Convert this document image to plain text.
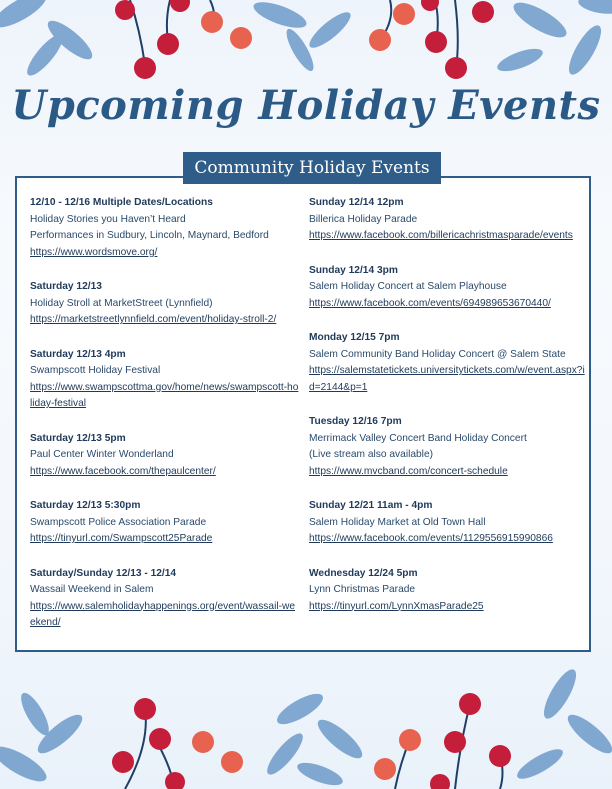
Upcoming Holiday Events
12/10 - 12/16 Multiple Dates/Locations
Holiday Stories you Haven’t Heard
Performances in Sudbury, Lincoln, Maynard, Bedford
https://www.wordsmove.org/
Saturday 12/13
Holiday Stroll at MarketStreet (Lynnfield)
https://marketstreetlynnfield.com/event/holiday-stroll-2/
Saturday 12/13 4pm
Swampscott Holiday Festival
https://www.swampscottma.gov/home/news/swampscott-holiday-festival
Saturday 12/13 5pm
Paul Center Winter Wonderland
https://www.facebook.com/thepaulcenter/
Saturday 12/13 5:30pm
Swampscott Police Association Parade
https://tinyurl.com/Swampscott25Parade
Saturday/Sunday 12/13 - 12/14
Wassail Weekend in Salem
https://www.salemholidayhappenings.org/event/wassail-weekend/
Sunday 12/14 12pm
Billerica Holiday Parade
https://www.facebook.com/billericachristmasparade/events
Sunday 12/14 3pm
Salem Holiday Concert at Salem Playhouse
https://www.facebook.com/events/694989653670440/
Monday 12/15 7pm
Salem Community Band Holiday Concert @ Salem State
https://salemstatetickets.universitytickets.com/w/event.aspx?id=2144&p=1
Tuesday 12/16 7pm
Merrimack Valley Concert Band Holiday Concert
(Live stream also available)
https://www.mvcband.com/concert-schedule
Sunday 12/21 11am - 4pm
Salem Holiday Market at Old Town Hall
https://www.facebook.com/events/1129556915990866
Wednesday 12/24 5pm
Lynn Christmas Parade
https://tinyurl.com/LynnXmasParade25
Community Holiday Events
